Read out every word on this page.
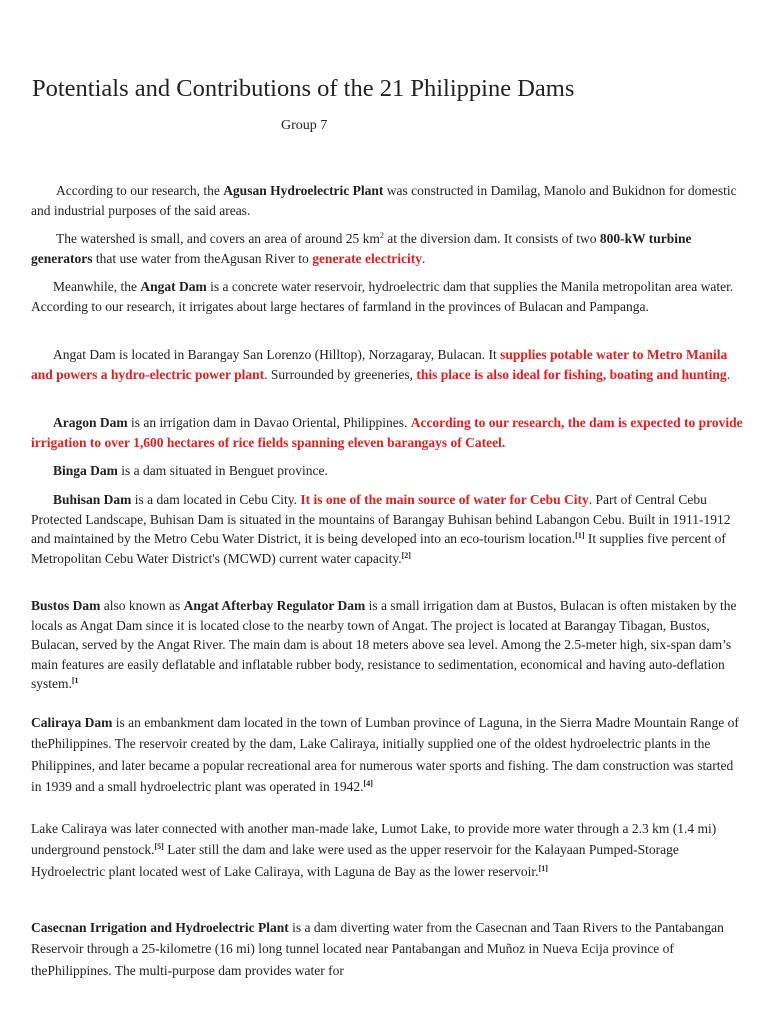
Potentials and Contributions of the 21 Philippine Dams
Group 7
According to our research, the Agusan Hydroelectric Plant was constructed in Damilag, Manolo and Bukidnon for domestic and industrial purposes of the said areas.
The watershed is small, and covers an area of around 25 $km^2$ at the diversion dam. It consists of two 800-kW turbine generators that use water from theAgusan River to generate electricity.
Meanwhile, the Angat Dam is a concrete water reservoir, hydroelectric dam that supplies the Manila metropolitan area water. According to our research, it irrigates about large hectares of farmland in the provinces of Bulacan and Pampanga.
Angat Dam is located in Barangay San Lorenzo (Hilltop), Norzagaray, Bulacan. It supplies potable water to Metro Manila and powers a hydro-electric power plant. Surrounded by greeneries, this place is also ideal for fishing, boating and hunting.
Aragon Dam is an irrigation dam in Davao Oriental, Philippines. According to our research, the dam is expected to provide irrigation to over 1,600 hectares of rice fields spanning eleven barangays of Cateel.
Binga Dam is a dam situated in Benguet province.
Buhisan Dam is a dam located in Cebu City. It is one of the main source of water for Cebu City. Part of Central Cebu Protected Landscape, Buhisan Dam is situated in the mountains of Barangay Buhisan behind Labangon Cebu. Built in 1911-1912 and maintained by the Metro Cebu Water District, it is being developed into an eco-tourism location.[1] It supplies five percent of Metropolitan Cebu Water District's (MCWD) current water capacity.[2]
Bustos Dam also known as Angat Afterbay Regulator Dam is a small irrigation dam at Bustos, Bulacan is often mistaken by the locals as Angat Dam since it is located close to the nearby town of Angat. The project is located at Barangay Tibagan, Bustos, Bulacan, served by the Angat River. The main dam is about 18 meters above sea level. Among the 2.5-meter high, six-span dam’s main features are easily deflatable and inflatable rubber body, resistance to sedimentation, economical and having auto-deflation system.$^{[1}$
Caliraya Dam is an embankment dam located in the town of Lumban province of Laguna, in the Sierra Madre Mountain Range of thePhilippines. The reservoir created by the dam, Lake Caliraya, initially supplied one of the oldest hydroelectric plants in the Philippines, and later became a popular recreational area for numerous water sports and fishing. The dam construction was started in 1939 and a small hydroelectric plant was operated in 1942.[4]
Lake Caliraya was later connected with another man-made lake, Lumot Lake, to provide more water through a 2.3 km (1.4 mi) underground penstock.[5] Later still the dam and lake were used as the upper reservoir for the Kalayaan Pumped-Storage Hydroelectric plant located west of Lake Caliraya, with Laguna de Bay as the lower reservoir.[1]
Casecnan Irrigation and Hydroelectric Plant is a dam diverting water from the Casecnan and Taan Rivers to the Pantabangan Reservoir through a 25-kilometre (16 mi) long tunnel located near Pantabangan and Muñoz in Nueva Ecija province of thePhilippines. The multi-purpose dam provides water for
